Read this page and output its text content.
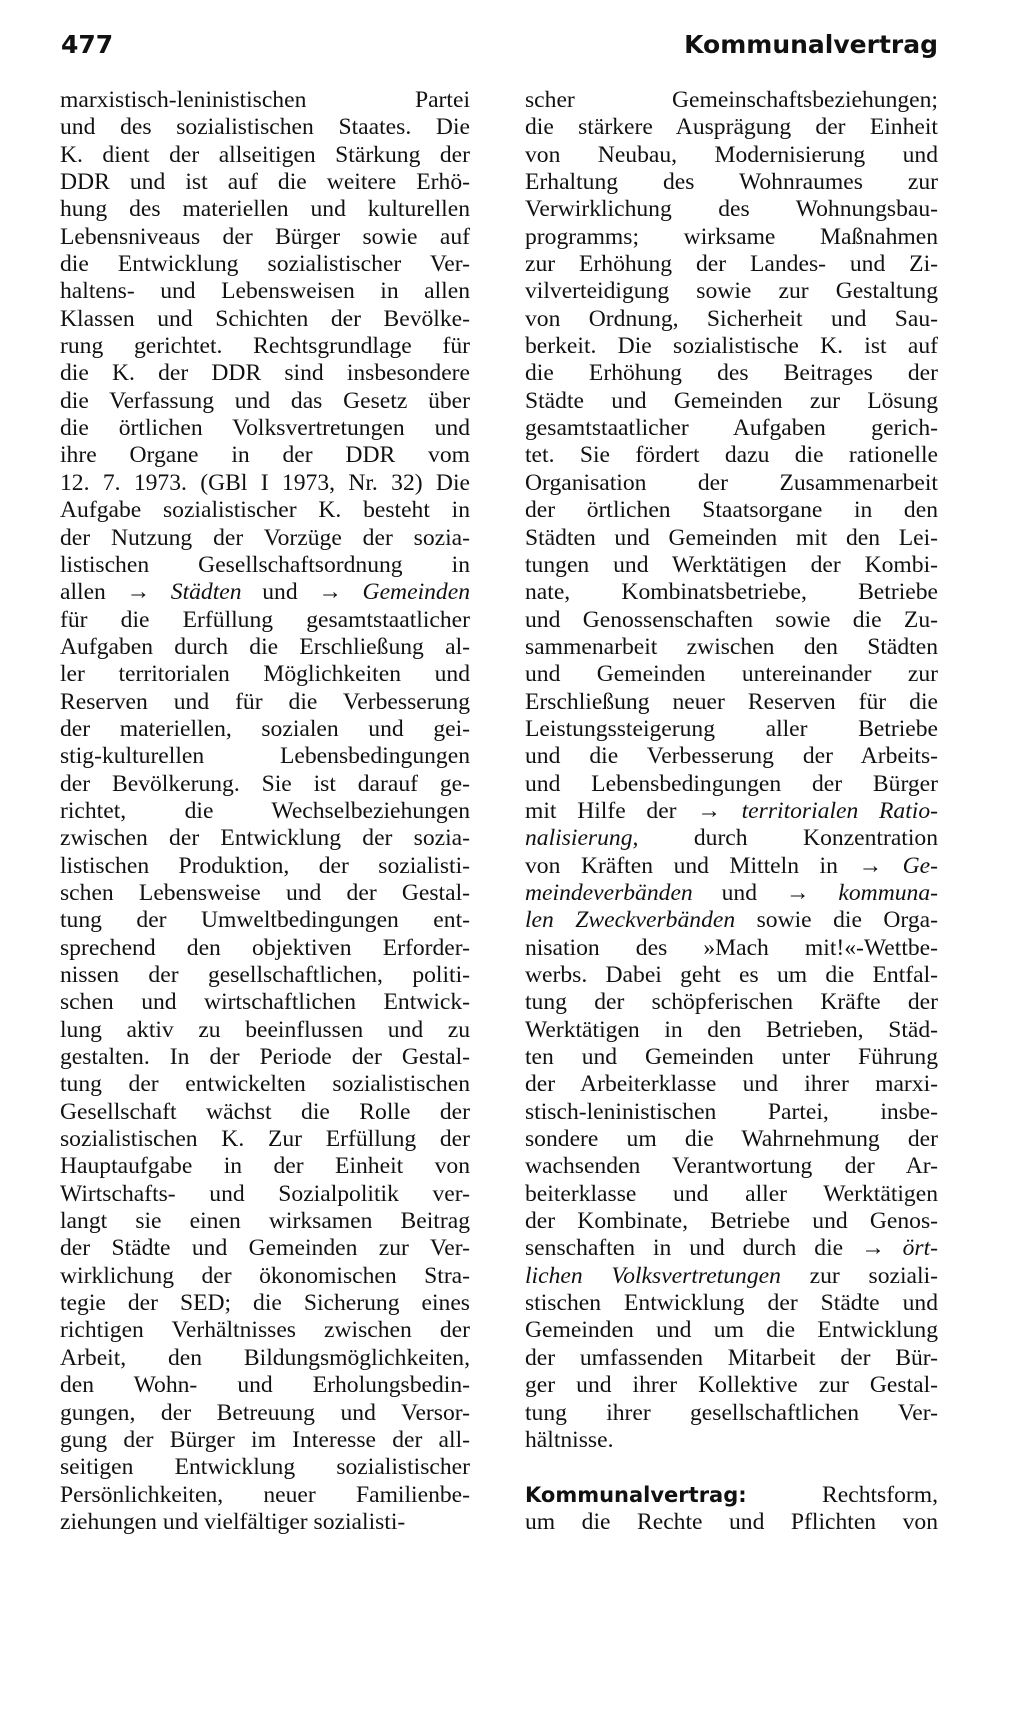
477	Kommunalvertrag
marxistisch-leninistischen Partei
und des sozialistischen Staates. Die
K. dient der allseitigen Stärkung der
DDR und ist auf die weitere Erhö-
hung des materiellen und kulturellen
Lebensniveaus der Bürger sowie auf
die Entwicklung sozialistischer Ver-
haltens- und Lebensweisen in allen
Klassen und Schichten der Bevölke-
rung gerichtet. Rechtsgrundlage für
die K. der DDR sind insbesondere
die Verfassung und das Gesetz über
die örtlichen Volksvertretungen und
ihre Organe in der DDR vom
12. 7. 1973. (GBl I 1973, Nr. 32) Die
Aufgabe sozialistischer K. besteht in
der Nutzung der Vorzüge der sozia-
listischen Gesellschaftsordnung in
allen → Städten und → Gemeinden
für die Erfüllung gesamtstaatlicher
Aufgaben durch die Erschließung al-
ler territorialen Möglichkeiten und
Reserven und für die Verbesserung
der materiellen, sozialen und gei-
stig-kulturellen Lebensbedingungen
der Bevölkerung. Sie ist darauf ge-
richtet, die Wechselbeziehungen
zwischen der Entwicklung der sozia-
listischen Produktion, der sozialisti-
schen Lebensweise und der Gestal-
tung der Umweltbedingungen ent-
sprechend den objektiven Erforder-
nissen der gesellschaftlichen, politi-
schen und wirtschaftlichen Entwick-
lung aktiv zu beeinflussen und zu
gestalten. In der Periode der Gestal-
tung der entwickelten sozialistischen
Gesellschaft wächst die Rolle der
sozialistischen K. Zur Erfüllung der
Hauptaufgabe in der Einheit von
Wirtschafts- und Sozialpolitik ver-
langt sie einen wirksamen Beitrag
der Städte und Gemeinden zur Ver-
wirklichung der ökonomischen Stra-
tegie der SED; die Sicherung eines
richtigen Verhältnisses zwischen der
Arbeit, den Bildungsmöglichkeiten,
den Wohn- und Erholungsbedin-
gungen, der Betreuung und Versor-
gung der Bürger im Interesse der all-
seitigen Entwicklung sozialistischer
Persönlichkeiten, neuer Familienbe-
ziehungen und vielfältiger sozialisti-
scher Gemeinschaftsbeziehungen;
die stärkere Ausprägung der Einheit
von Neubau, Modernisierung und
Erhaltung des Wohnraumes zur
Verwirklichung des Wohnungsbau-
programms; wirksame Maßnahmen
zur Erhöhung der Landes- und Zi-
vilverteidigung sowie zur Gestaltung
von Ordnung, Sicherheit und Sau-
berkeit. Die sozialistische K. ist auf
die Erhöhung des Beitrages der
Städte und Gemeinden zur Lösung
gesamtstaatlicher Aufgaben gerich-
tet. Sie fördert dazu die rationelle
Organisation der Zusammenarbeit
der örtlichen Staatsorgane in den
Städten und Gemeinden mit den Lei-
tungen und Werktätigen der Kombi-
nate, Kombinatsbetriebe, Betriebe
und Genossenschaften sowie die Zu-
sammenarbeit zwischen den Städten
und Gemeinden untereinander zur
Erschließung neuer Reserven für die
Leistungssteigerung aller Betriebe
und die Verbesserung der Arbeits-
und Lebensbedingungen der Bürger
mit Hilfe der → territorialen Ratio-
nalisierung, durch Konzentration
von Kräften und Mitteln in → Ge-
meindeverbänden und → kommuna-
len Zweckverbänden sowie die Orga-
nisation des »Mach mit!«-Wettbe-
werbs. Dabei geht es um die Entfal-
tung der schöpferischen Kräfte der
Werktätigen in den Betrieben, Städ-
ten und Gemeinden unter Führung
der Arbeiterklasse und ihrer marxi-
stisch-leninistischen Partei, insbe-
sondere um die Wahrnehmung der
wachsenden Verantwortung der Ar-
beiterklasse und aller Werktätigen
der Kombinate, Betriebe und Genos-
senschaften in und durch die → ört-
lichen Volksvertretungen zur soziali-
stischen Entwicklung der Städte und
Gemeinden und um die Entwicklung
der umfassenden Mitarbeit der Bür-
ger und ihrer Kollektive zur Gestal-
tung ihrer gesellschaftlichen Ver-
hältnisse.
Kommunalvertrag:	Rechtsform,
um die Rechte und Pflichten von
